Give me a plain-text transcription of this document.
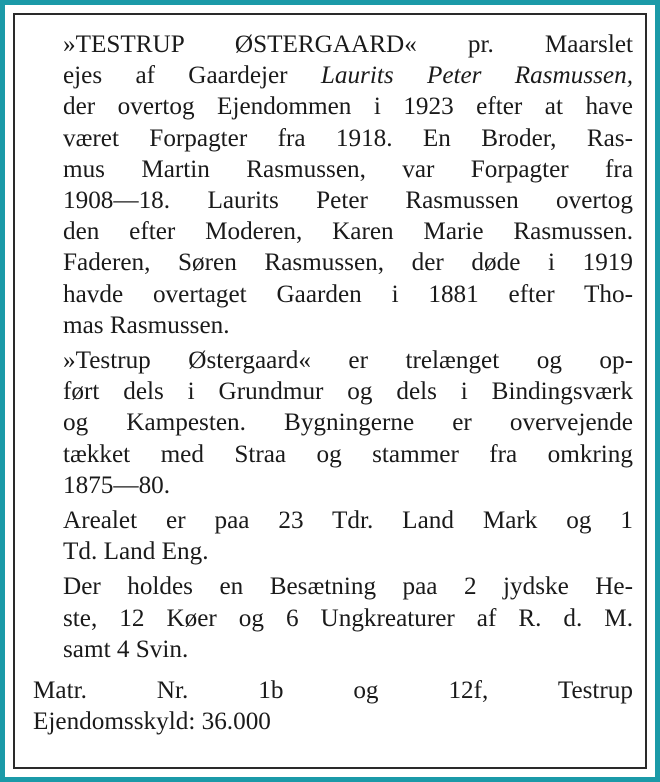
»TESTRUP ØSTERGAARD« pr. Maarslet
ejes af Gaardejer Laurits Peter Rasmussen,
der overtog Ejendommen i 1923 efter at have
været Forpagter fra 1918. En Broder, Ras-
mus Martin Rasmussen, var Forpagter fra
1908—18. Laurits Peter Rasmussen overtog
den efter Moderen, Karen Marie Rasmussen.
Faderen, Søren Rasmussen, der døde i 1919
havde overtaget Gaarden i 1881 efter Tho-
mas Rasmussen.

»Testrup Østergaard« er trelænget og op-
ført dels i Grundmur og dels i Bindingsværk
og Kampesten. Bygningerne er overvejende
tækket med Straa og stammer fra omkring
1875—80.

Arealet er paa 23 Tdr. Land Mark og 1
Td. Land Eng.

Der holdes en Besætning paa 2 jydske He-
ste, 12 Køer og 6 Ungkreaturer af R. d. M.
samt 4 Svin.

Matr. Nr. 1b og 12f, Testrup
Ejendomsskyld: 36.000
